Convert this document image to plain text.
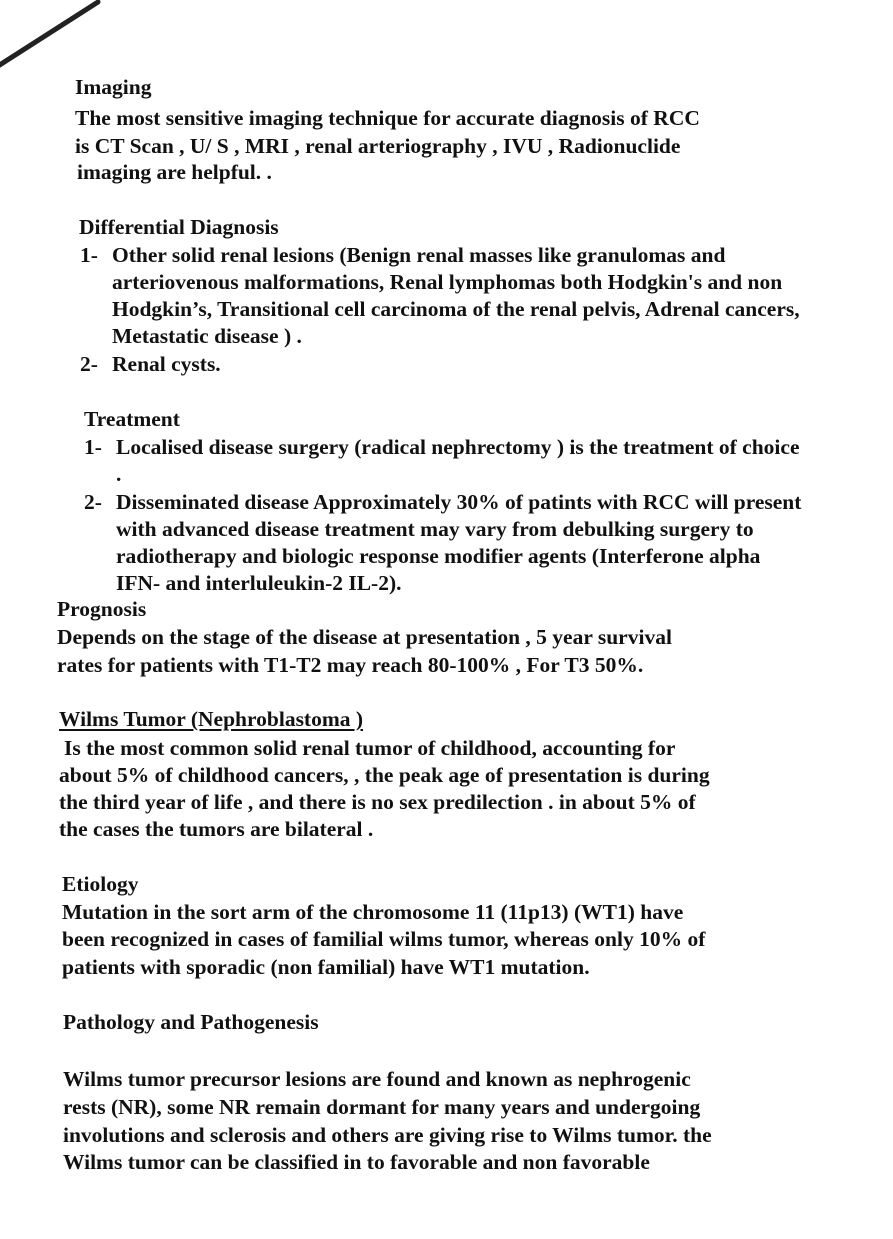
Imaging
The most sensitive imaging technique for accurate diagnosis of RCC
is CT Scan , U/ S , MRI , renal arteriography , IVU , Radionuclide
imaging are helpful. .
Differential Diagnosis
1- Other solid renal lesions (Benign renal masses like granulomas and arteriovenous malformations, Renal lymphomas both Hodgkin's and non Hodgkin’s, Transitional cell carcinoma of the renal pelvis, Adrenal cancers, Metastatic disease ) .
2- Renal cysts.
Treatment
1- Localised disease surgery (radical nephrectomy ) is the treatment of choice .
2- Disseminated disease Approximately 30% of patints with RCC will present with advanced disease treatment may vary from debulking surgery to radiotherapy and biologic response modifier agents (Interferone alpha IFN- and interluleukin-2 IL-2).
Prognosis
Depends on the stage of the disease at presentation , 5 year survival
rates for patients with T1-T2 may reach 80-100% , For T3 50%.
Wilms Tumor (Nephroblastoma )
Is the most common solid renal tumor of childhood, accounting for
about 5% of childhood cancers, , the peak age of presentation is during
the third year of life , and there is no sex predilection . in about 5% of
the cases the tumors are bilateral .
Etiology
Mutation in the sort arm of the chromosome 11 (11p13) (WT1) have
been recognized in cases of familial wilms tumor, whereas only 10% of
patients with sporadic (non familial) have WT1 mutation.
Pathology and Pathogenesis
Wilms tumor precursor lesions are found and known as nephrogenic
rests (NR), some NR remain dormant for many years and undergoing
involutions and sclerosis and others are giving rise to Wilms tumor. the
Wilms tumor can be classified in to favorable and non favorable
